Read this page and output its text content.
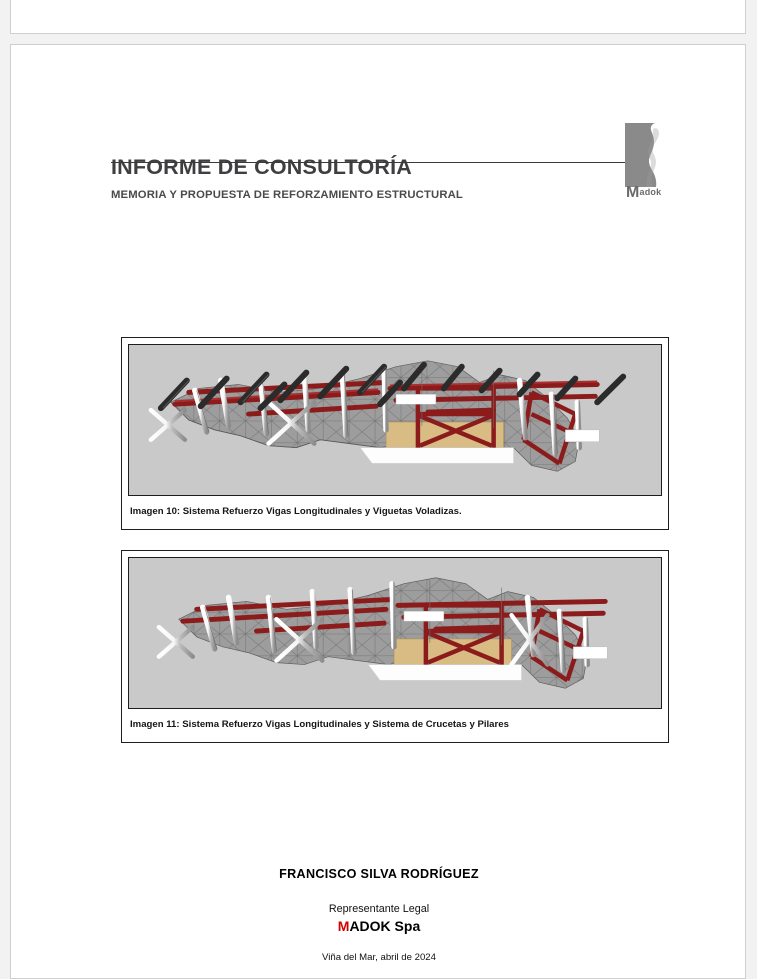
INFORME DE CONSULTORÍA
MEMORIA Y PROPUESTA DE REFORZAMIENTO ESTRUCTURAL	Madok
Imagen 10: Sistema Refuerzo Vigas Longitudinales y Viguetas Voladizas.
Imagen 11: Sistema Refuerzo Vigas Longitudinales y Sistema de Crucetas y Pilares
FRANCISCO SILVA RODRÍGUEZ
Representante Legal
MADOK Spa
Viña del Mar, abril de 2024
